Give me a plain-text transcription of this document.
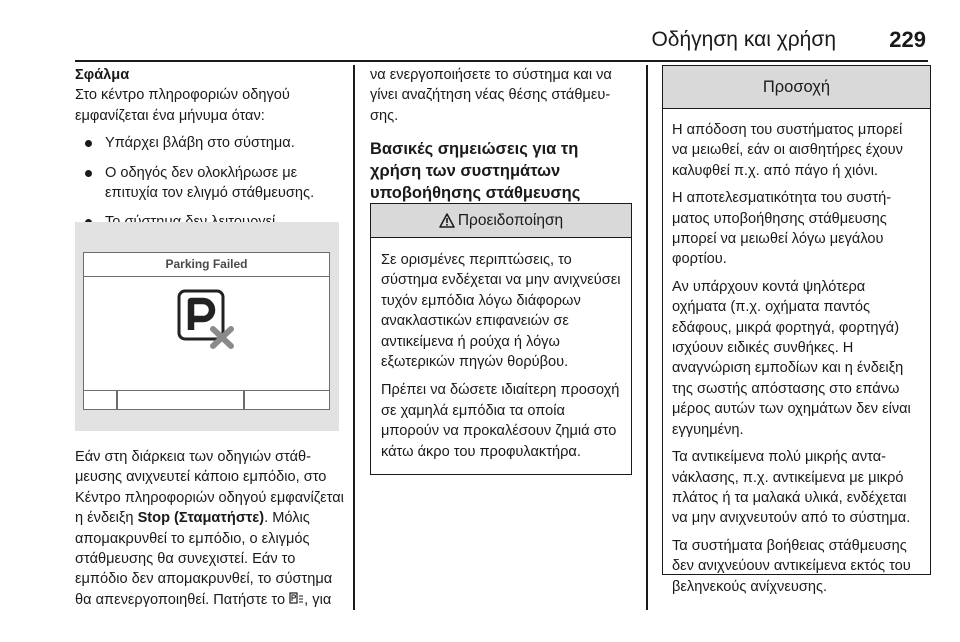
Οδήγηση και χρήση 229

Σφάλμα

Στο κέντρο πληροφοριών οδηγού εμφανίζεται ένα μήνυμα όταν:

Υπάρχει βλάβη στο σύστημα.
Ο οδηγός δεν ολοκλήρωσε με επιτυχία τον ελιγμό στάθμευσης.
Parking Failed

Εάν στη διάρκεια των οδηγιών στάθμευσης ανιχνευτεί κάποιο εμπόδιο, στο Κέντρο πληροφοριών οδηγού εμφανίζεται η ένδειξη Stop (Σταματήστε). Μόλις απομακρυνθεί το εμπόδιο, ο ελιγμός στάθμευσης θα συνεχιστεί. Εάν το εμπόδιο δεν απομακρυνθεί, το σύστημα θα απενεργοποιηθεί. Πατήστε το , για

να ενεργοποιήσετε το σύστημα και να γίνει αναζήτηση νέας θέσης στάθμευσης.

Βασικές σημειώσεις για τη χρήση των συστημάτων υποβοήθησης στάθμευσης

Προειδοποίηση

Σε ορισμένες περιπτώσεις, το σύστημα ενδέχεται να μην ανιχνεύσει τυχόν εμπόδια λόγω διάφορων ανακλαστικών επιφανειών σε αντικείμενα ή ρούχα ή λόγω εξωτερικών πηγών θορύβου.

Πρέπει να δώσετε ιδιαίτερη προσοχή σε χαμηλά εμπόδια τα οποία μπορούν να προκαλέσουν ζημιά στο κάτω άκρο του προφυλακτήρα.

Προσοχή

Η απόδοση του συστήματος μπορεί να μειωθεί, εάν οι αισθητήρες έχουν καλυφθεί π.χ. από πάγο ή χιόνι.

Η αποτελεσματικότητα του συστήματος υποβοήθησης στάθμευσης μπορεί να μειωθεί λόγω μεγάλου φορτίου.

Αν υπάρχουν κοντά ψηλότερα οχήματα (π.χ. οχήματα παντός εδάφους, μικρά φορτηγά, φορτηγά) ισχύουν ειδικές συνθήκες. Η αναγνώριση εμποδίων και η ένδειξη της σωστής απόστασης στο επάνω μέρος αυτών των οχημάτων δεν είναι εγγυημένη.

Τα αντικείμενα πολύ μικρής αντανάκλασης, π.χ. αντικείμενα με μικρό πλάτος ή τα μαλακά υλικά, ενδέχεται να μην ανιχνευτούν από το σύστημα.

Τα συστήματα βοήθειας στάθμευσης δεν ανιχνεύουν αντικείμενα εκτός του βεληνεκούς ανίχνευσης.
